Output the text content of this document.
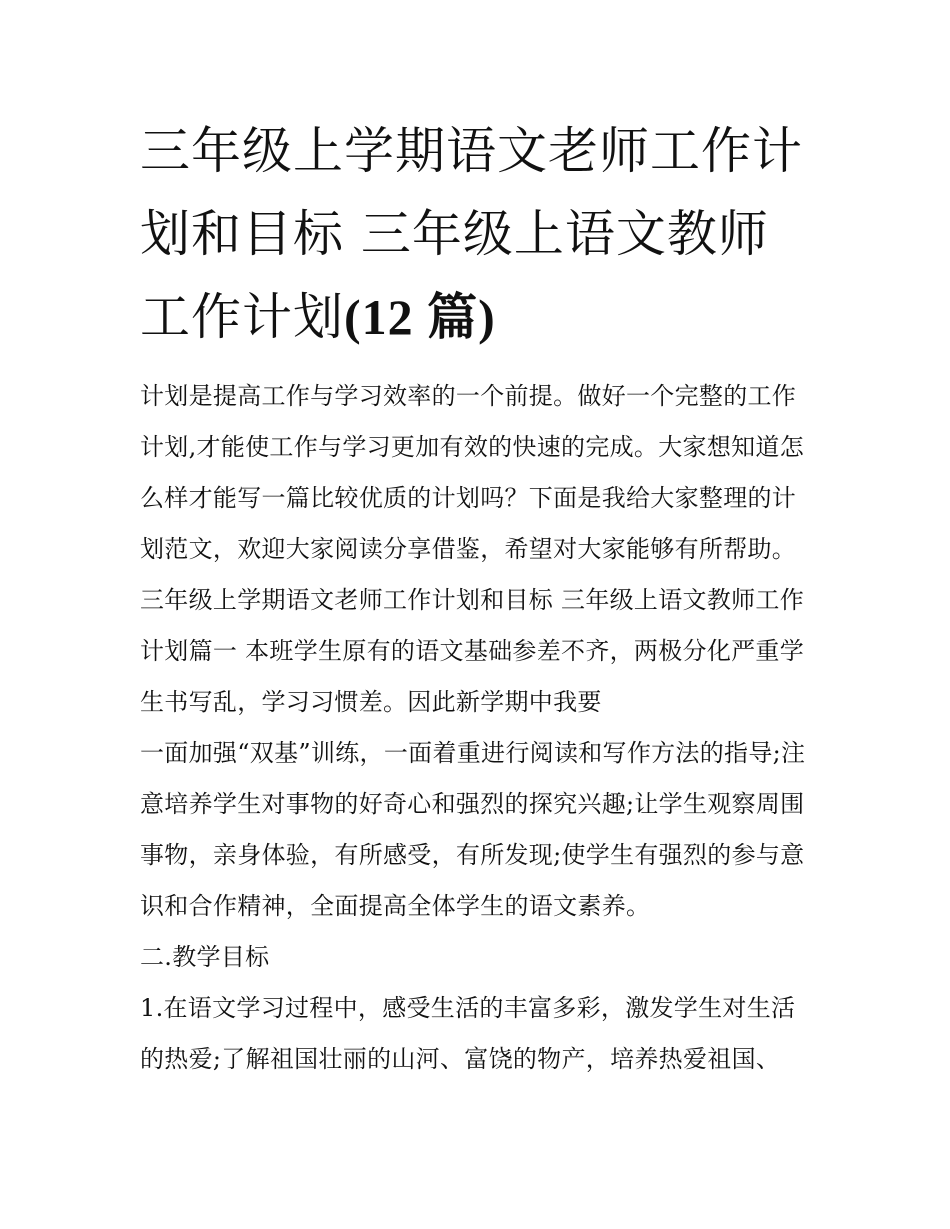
三年级上学期语文老师工作计划和目标 三年级上语文教师工作计划(12 篇)

计划是提高工作与学习效率的一个前提。做好一个完整的工作计划,才能使工作与学习更加有效的快速的完成。大家想知道怎么样才能写一篇比较优质的计划吗？下面是我给大家整理的计划范文，欢迎大家阅读分享借鉴，希望对大家能够有所帮助。

三年级上学期语文老师工作计划和目标 三年级上语文教师工作计划篇一 本班学生原有的语文基础参差不齐，两极分化严重学生书写乱，学习习惯差。因此新学期中我要

一面加强“双基”训练，一面着重进行阅读和写作方法的指导;注意培养学生对事物的好奇心和强烈的探究兴趣;让学生观察周围事物，亲身体验，有所感受，有所发现;使学生有强烈的参与意识和合作精神，全面提高全体学生的语文素养。

二.教学目标

1.在语文学习过程中，感受生活的丰富多彩，激发学生对生活的热爱;了解祖国壮丽的山河、富饶的物产，培养热爱祖国、
